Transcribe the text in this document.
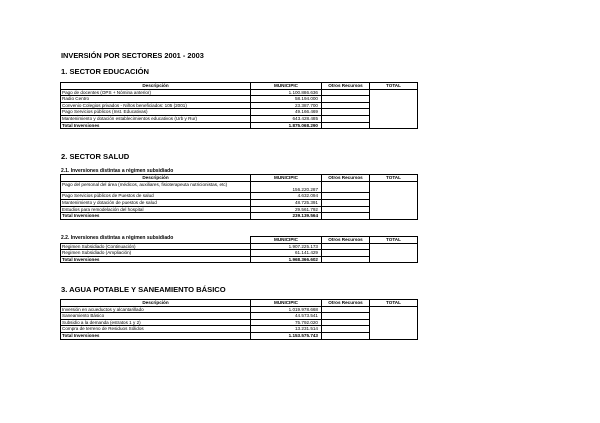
INVERSIÓN POR SECTORES 2001 - 2003
1. SECTOR EDUCACIÓN
Descripción	MUNICIPIC	Otros Recursos	TOTAL
Pago de docentes (OPS + Nómina anterior)	1.100.886.636		
Radio Centro	58.194.000		
Convenio Colegios privados - Niños beneficiados: 105 (2001)	23.387.700		
Pago Servicios públicos (Inst. Educativas)	49.166.469		
Mantenimiento y dotación establecimientos educativos (Urb y Rur)	643.428.485		
Total Inversiones	1.875.068.290		
2. SECTOR SALUD
2.1. Inversiones distintas a régimen subsidiado
Descripción	MUNICIPIC	Otros Recursos	TOTAL
Pago del personal del área (médicos, auxiliares, fisioterapeuta nutricionistas, etc)	156.220.287		
Pago Servicios públicos de Puestos de salud	4.632.094		
Mantenimiento y dotación de puestos de salud	48.725.391		
Estudios para remodelación del hospital	29.561.792		
Total Inversiones	239.139.564		
2.2. Inversiones distintas a régimen subsidiado
		MUNICIPIC	Otros Recursos	TOTAL
Regimen Subsidiado (Continuación)	1.907.225.173		
Regimen Subsidiado (Ampliación)	61.141.429		
Total Inversiones	1.968.366.602		
3. AGUA POTABLE Y SANEAMIENTO BÁSICO
Descripción	MUNICIPIC	Otros Recursos	TOTAL
Inversión en acueductos y alcantarillado	1.019.978.668		
Saneamiento Básico	44.573.541		
Subsidio a la demanda (estratos 1 y 2)	75.792.020		
Compra de terreno de Residuos Sólidos	13.231.514		
Total Inversiones	1.153.575.743		
